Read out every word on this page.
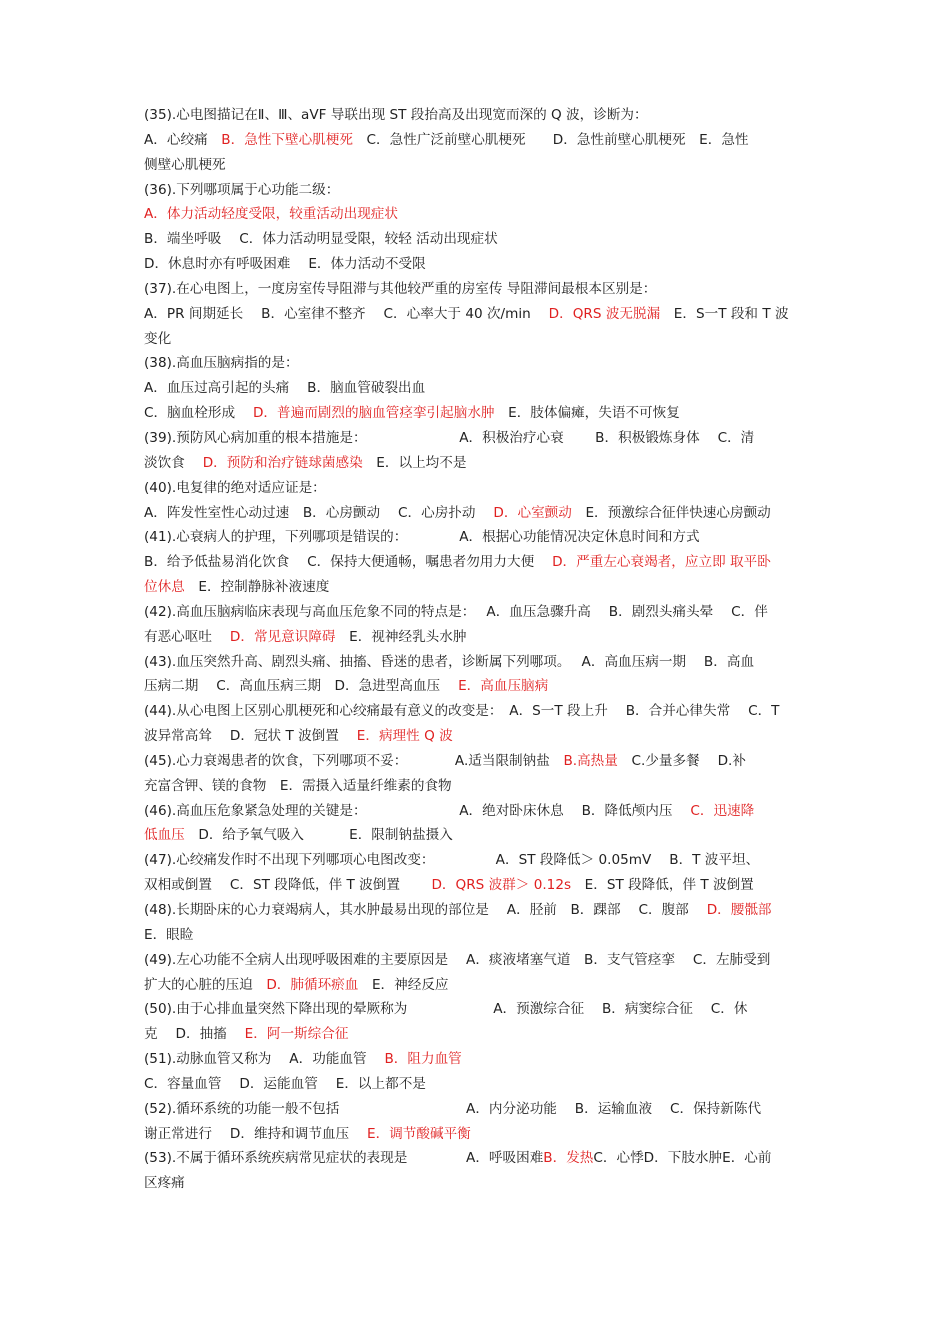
(35).心电图描记在Ⅱ、Ⅲ、aVF 导联出现 ST 段抬高及出现宽而深的 Q 波，诊断为：
A．心绞痛　B．急性下壁心肌梗死　C．急性广泛前壁心肌梗死　　D．急性前壁心肌梗死　E．急性
侧壁心肌梗死
(36).下列哪项属于心功能二级：
A．体力活动轻度受限，较重活动出现症状
B．端坐呼吸　 C．体力活动明显受限，较轻 活动出现症状
D．休息时亦有呼吸困难　 E．体力活动不受限
(37).在心电图上，一度房室传导阻滞与其他较严重的房室传 导阻滞间最根本区别是：
A．PR 间期延长　 B．心室律不整齐　 C．心率大于 40 次/min　 D．QRS 波无脱漏　E．S一T 段和 T 波
变化
(38).高血压脑病指的是：
A．血压过高引起的头痛　 B．脑血管破裂出血
C．脑血栓形成　 D．普遍而剧烈的脑血管痉挛引起脑水肿　E．肢体偏瘫，失语不可恢复
(39).预防风心病加重的根本措施是：　　　　　　　 A．积极治疗心衰　　 B．积极锻炼身体　 C．清
淡饮食　 D．预防和治疗链球菌感染　E．以上均不是
(40).电复律的绝对适应证是：
A．阵发性室性心动过速　B．心房颤动　 C．心房扑动　 D．心室颤动　E．预激综合征伴快速心房颤动
(41).心衰病人的护理，下列哪项是错误的：　　　　 A．根据心功能情况决定休息时间和方式
B．给予低盐易消化饮食　 C．保持大便通畅，嘱患者勿用力大便　 D．严重左心衰竭者，应立即 取平卧
位休息　E．控制静脉补液速度
(42).高血压脑病临床表现与高血压危象不同的特点是：　 A．血压急骤升高　 B．剧烈头痛头晕　 C．伴
有恶心呕吐　 D．常见意识障碍　E．视神经乳头水肿
(43).血压突然升高、剧烈头痛、抽搐、昏迷的患者，诊断属下列哪项。　 A．高血压病一期　 B．高血
压病二期　 C．高血压病三期　D．急进型高血压　 E．高血压脑病
(44).从心电图上区别心肌梗死和心绞痛最有意义的改变是：　A．S一T 段上升　 B．合并心律失常　 C．T
波异常高耸　 D．冠状 T 波倒置　 E．病理性 Q 波
(45).心力衰竭患者的饮食，下列哪项不妥：　　　　A.适当限制钠盐　B.高热量　C.少量多餐　 D.补
充富含钾、镁的食物　E．需摄入适量纤维素的食物
(46).高血压危象紧急处理的关键是：　　　　　　　 A．绝对卧床休息　 B．降低颅内压　 C．迅速降
低血压　D．给予氧气吸入　　　 E．限制钠盐摄入
(47).心绞痛发作时不出现下列哪项心电图改变：　　　　　A．ST 段降低＞ 0.05mV　 B．T 波平坦、
双相或倒置　 C．ST 段降低，伴 T 波倒置　　 D．QRS 波群＞ 0.12s　E．ST 段降低，伴 T 波倒置
(48).长期卧床的心力衰竭病人，其水肿最易出现的部位是　 A．胫前　B．踝部　 C．腹部　 D．腰骶部
E．眼睑
(49).左心功能不全病人出现呼吸困难的主要原因是　 A．痰液堵塞气道　B．支气管痉挛　 C．左肺受到
扩大的心脏的压迫　D．肺循环瘀血　E．神经反应
(50).由于心排血量突然下降出现的晕厥称为　　　　　　 A．预激综合征　 B．病窦综合征　 C．休
克　 D．抽搐　 E．阿一斯综合征
(51).动脉血管又称为　 A．功能血管　 B．阻力血管
C．容量血管　 D．运能血管　 E．以上都不是
(52).循环系统的功能一般不包括　　　　　　　　　 A．内分泌功能　 B．运输血液　 C．保持新陈代
谢正常进行　 D．维持和调节血压　 E．调节酸碱平衡
(53).不属于循环系统疾病常见症状的表现是　　　　 A．呼吸困难B．发热C．心悸D．下肢水肿E．心前
区疼痛
